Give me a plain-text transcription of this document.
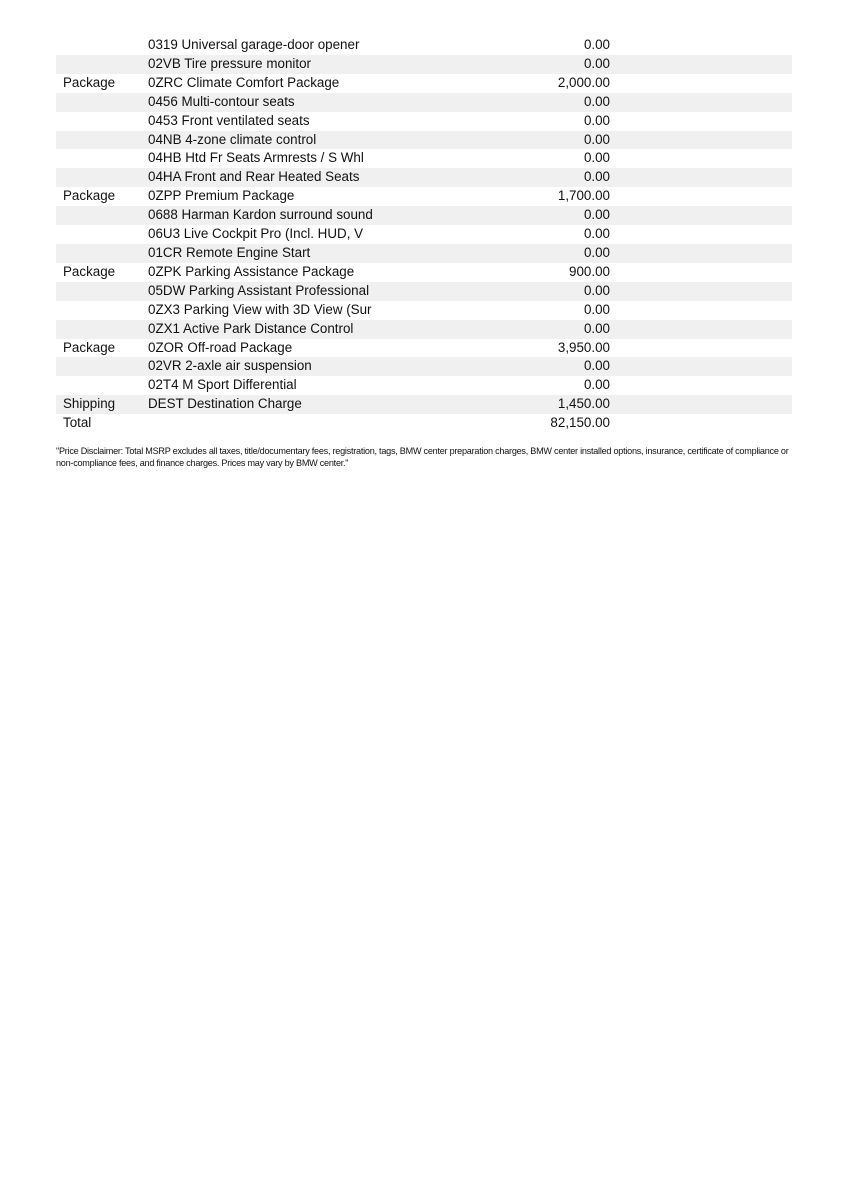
	0319 Universal garage-door opener	0.00	
	02VB Tire pressure monitor	0.00	
Package	0ZRC Climate Comfort Package	2,000.00	
	0456 Multi-contour seats	0.00	
	0453 Front ventilated seats	0.00	
	04NB 4-zone climate control	0.00	
	04HB Htd Fr Seats Armrests / S Whl	0.00	
	04HA Front and Rear Heated Seats	0.00	
Package	0ZPP Premium Package	1,700.00	
	0688 Harman Kardon surround sound	0.00	
	06U3 Live Cockpit Pro (Incl. HUD, V	0.00	
	01CR Remote Engine Start	0.00	
Package	0ZPK Parking Assistance Package	900.00	
	05DW Parking Assistant Professional	0.00	
	0ZX3 Parking View with 3D View (Sur	0.00	
	0ZX1 Active Park Distance Control	0.00	
Package	0ZOR Off-road Package	3,950.00	
	02VR 2-axle air suspension	0.00	
	02T4 M Sport Differential	0.00	
Shipping	DEST Destination Charge	1,450.00	
Total		82,150.00	

"Price Disclaimer: Total MSRP excludes all taxes, title/documentary fees, registration, tags, BMW center preparation charges, BMW center installed options, insurance, certificate of compliance or non-compliance fees, and finance charges. Prices may vary by BMW center."
